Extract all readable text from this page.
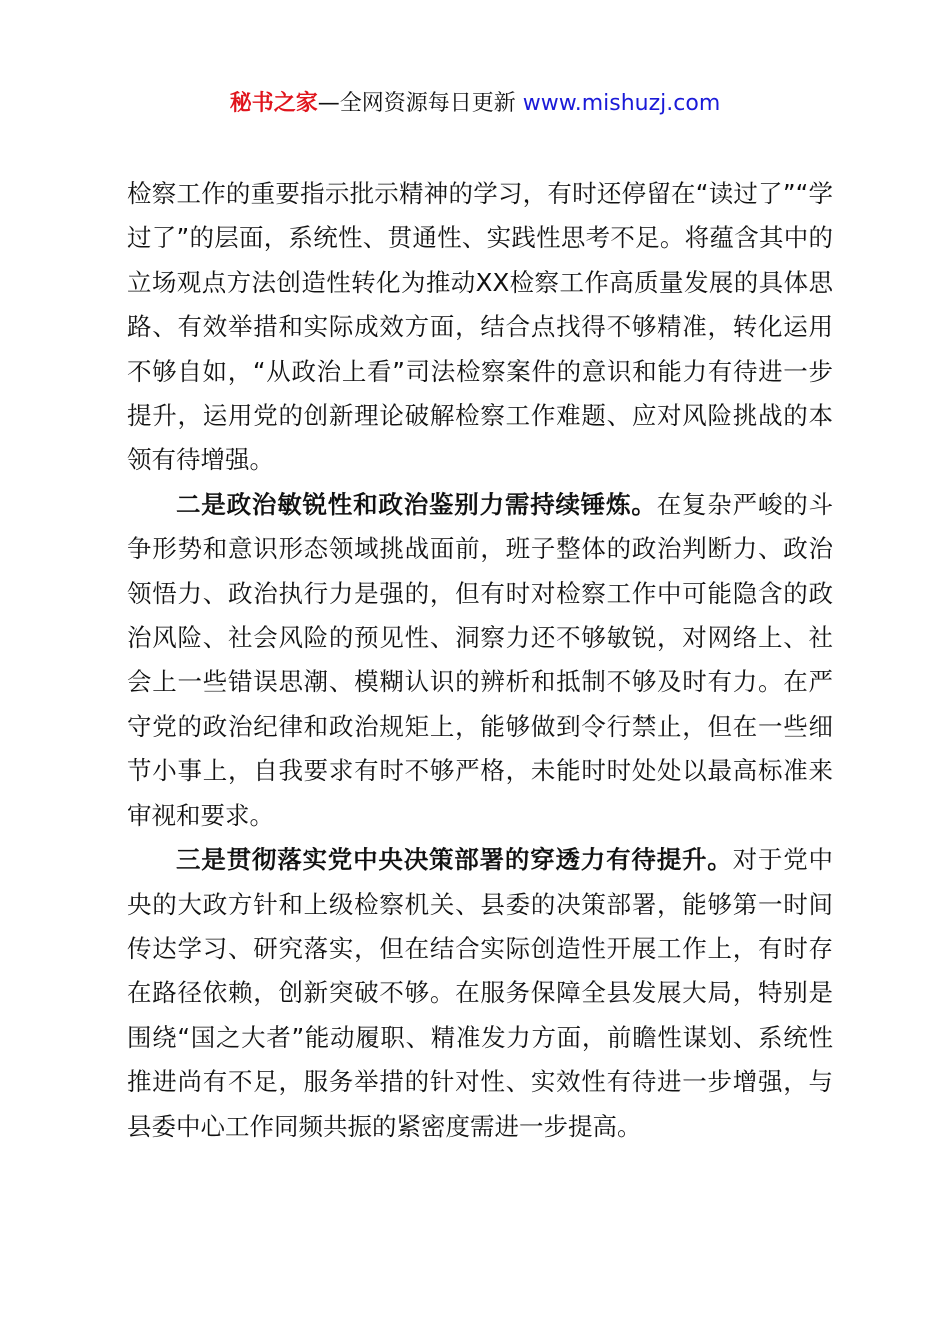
秘书之家—全网资源每日更新 www.mishuzj.com

检察工作的重要指示批示精神的学习，有时还停留在“读过了”“学过了”的层面，系统性、贯通性、实践性思考不足。将蕴含其中的立场观点方法创造性转化为推动XX检察工作高质量发展的具体思路、有效举措和实际成效方面，结合点找得不够精准，转化运用不够自如，“从政治上看”司法检察案件的意识和能力有待进一步提升，运用党的创新理论破解检察工作难题、应对风险挑战的本领有待增强。

二是政治敏锐性和政治鉴别力需持续锤炼。在复杂严峻的斗争形势和意识形态领域挑战面前，班子整体的政治判断力、政治领悟力、政治执行力是强的，但有时对检察工作中可能隐含的政治风险、社会风险的预见性、洞察力还不够敏锐，对网络上、社会上一些错误思潮、模糊认识的辨析和抵制不够及时有力。在严守党的政治纪律和政治规矩上，能够做到令行禁止，但在一些细节小事上，自我要求有时不够严格，未能时时处处以最高标准来审视和要求。

三是贯彻落实党中央决策部署的穿透力有待提升。对于党中央的大政方针和上级检察机关、县委的决策部署，能够第一时间传达学习、研究落实，但在结合实际创造性开展工作上，有时存在路径依赖，创新突破不够。在服务保障全县发展大局，特别是围绕“国之大者”能动履职、精准发力方面，前瞻性谋划、系统性推进尚有不足，服务举措的针对性、实效性有待进一步增强，与县委中心工作同频共振的紧密度需进一步提高。
